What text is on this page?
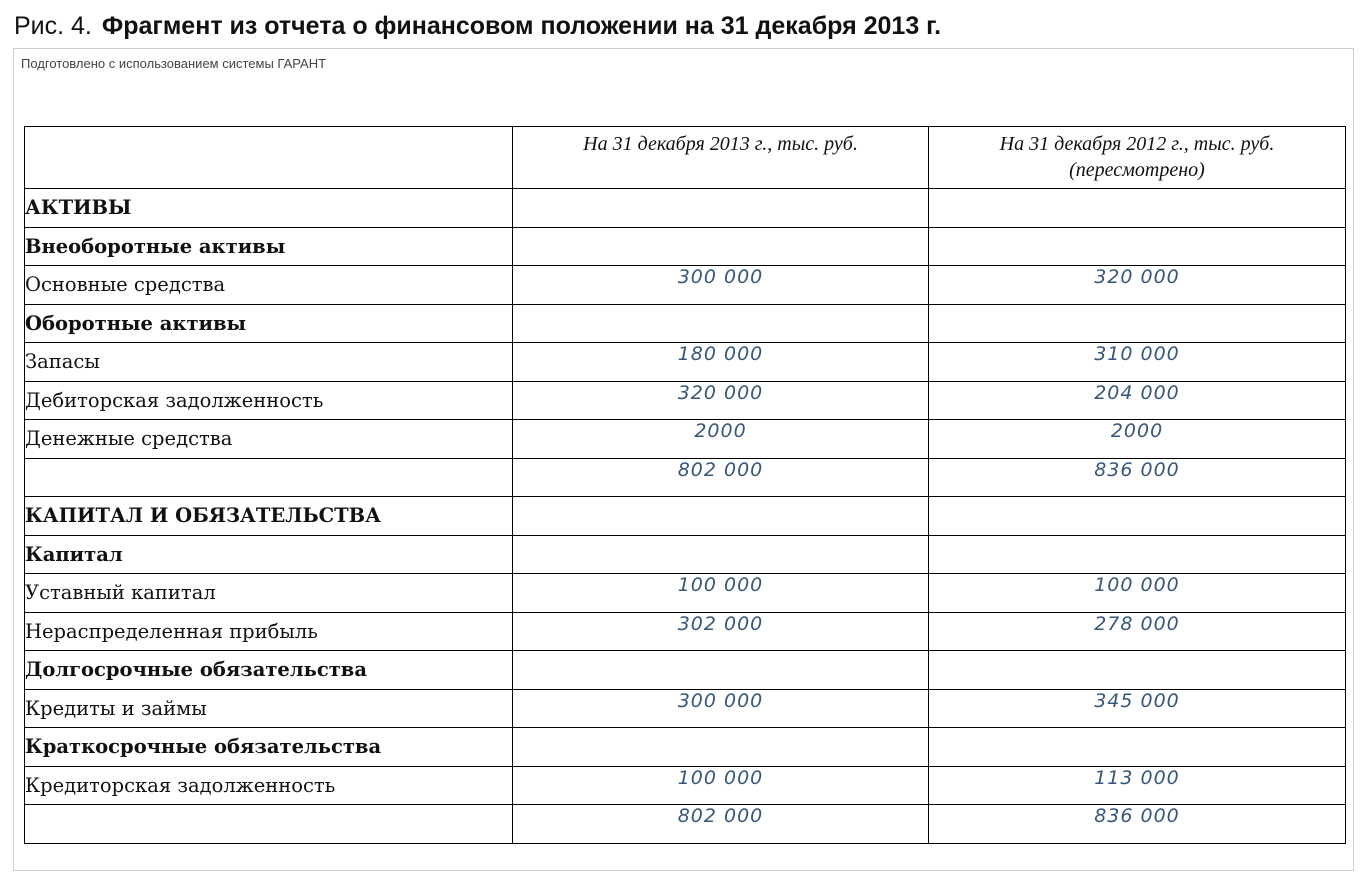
Рис. 4. Фрагмент из отчета о финансовом положении на 31 декабря 2013 г.
Подготовлено с использованием системы ГАРАНТ
	На 31 декабря 2013 г., тыс. руб.	На 31 декабря 2012 г., тыс. руб.
(пересмотрено)
АКТИВЫ		
Внеоборотные активы		
Основные средства	300 000	320 000
Оборотные активы		
Запасы	180 000	310 000
Дебиторская задолженность	320 000	204 000
Денежные средства	2000	2000
	802 000	836 000
КАПИТАЛ И ОБЯЗАТЕЛЬСТВА		
Капитал		
Уставный капитал	100 000	100 000
Нераспределенная прибыль	302 000	278 000
Долгосрочные обязательства		
Кредиты и займы	300 000	345 000
Краткосрочные обязательства		
Кредиторская задолженность	100 000	113 000
	802 000	836 000
